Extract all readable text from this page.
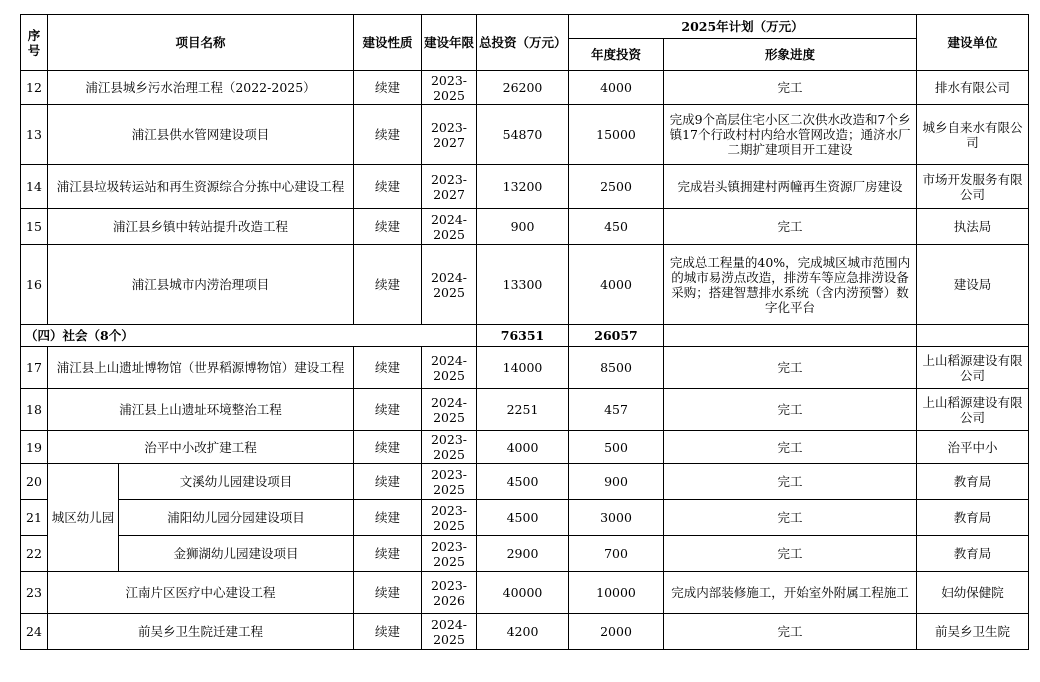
序号	项目名称		建设性质	建设年限	总投资（万元）	2025年计划（万元）		建设单位
						年度投资	形象进度	
12	浦江县城乡污水治理工程（2022-2025）		续建	2023-2025	26200	4000	完工	排水有限公司
13	浦江县供水管网建设项目		续建	2023-2027	54870	15000	完成9个高层住宅小区二次供水改造和7个乡镇17个行政村村内给水管网改造；通济水厂二期扩建项目开工建设	城乡自来水有限公司
14	浦江县垃圾转运站和再生资源综合分拣中心建设工程		续建	2023-2027	13200	2500	完成岩头镇拥建村两幢再生资源厂房建设	市场开发服务有限公司
15	浦江县乡镇中转站提升改造工程		续建	2024-2025	900	450	完工	执法局
16	浦江县城市内涝治理项目		续建	2024-2025	13300	4000	完成总工程量的40%，完成城区城市范围内的城市易涝点改造，排涝车等应急排涝设备采购；搭建智慧排水系统（含内涝预警）数字化平台	建设局
（四）社会（8个）					76351	26057		
17	浦江县上山遗址博物馆（世界稻源博物馆）建设工程		续建	2024-2025	14000	8500	完工	上山稻源建设有限公司
18	浦江县上山遗址环境整治工程		续建	2024-2025	2251	457	完工	上山稻源建设有限公司
19	治平中小改扩建工程		续建	2023-2025	4000	500	完工	治平中小
20	城区幼儿园	文溪幼儿园建设项目	续建	2023-2025	4500	900	完工	教育局
21		浦阳幼儿园分园建设项目	续建	2023-2025	4500	3000	完工	教育局
22		金狮湖幼儿园建设项目	续建	2023-2025	2900	700	完工	教育局
23	江南片区医疗中心建设工程		续建	2023-2026	40000	10000	完成内部装修施工，开始室外附属工程施工	妇幼保健院
24	前吴乡卫生院迁建工程		续建	2024-2025	4200	2000	完工	前吴乡卫生院
